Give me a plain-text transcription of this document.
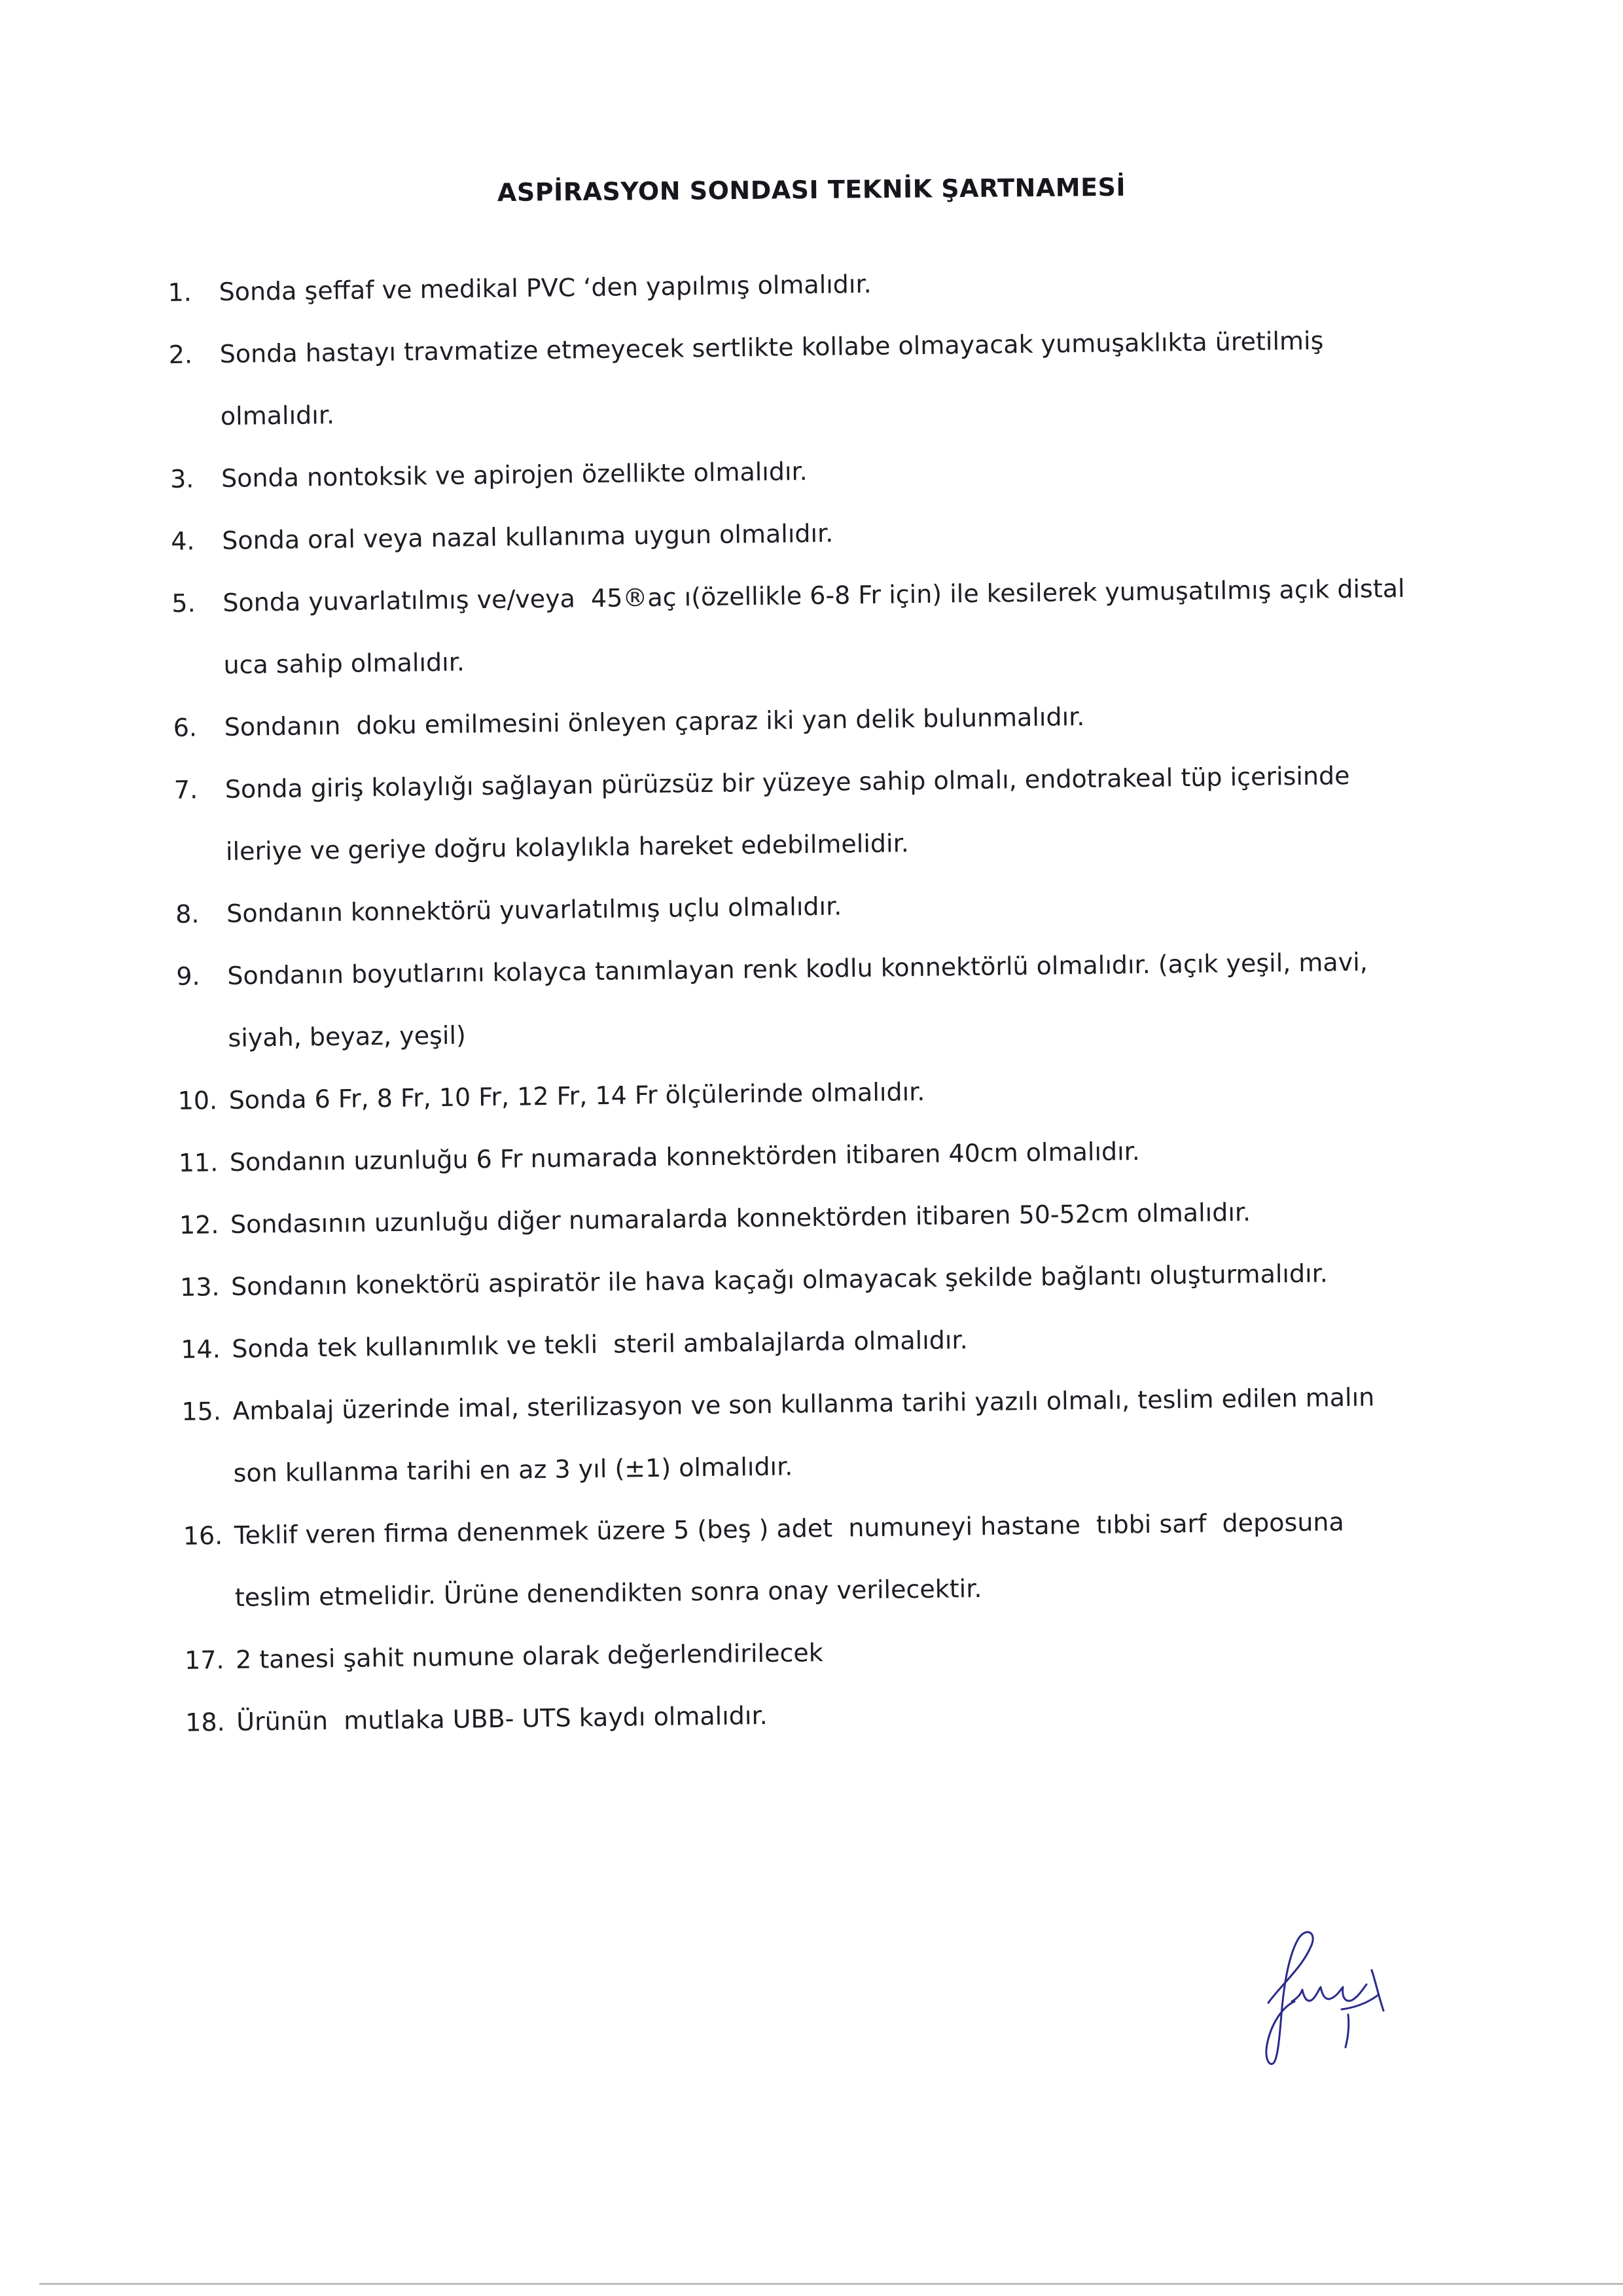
ASPİRASYON SONDASI TEKNİK ŞARTNAMESİ
1.	Sonda şeffaf ve medikal PVC ‘den yapılmış olmalıdır.
2.	Sonda hastayı travmatize etmeyecek sertlikte kollabe olmayacak yumuşaklıkta üretilmiş
olmalıdır.
3.	Sonda nontoksik ve apirojen özellikte olmalıdır.
4.	Sonda oral veya nazal kullanıma uygun olmalıdır.
5.	Sonda yuvarlatılmış ve/veya  45®aç ı(özellikle 6-8 Fr için) ile kesilerek yumuşatılmış açık distal
uca sahip olmalıdır.
6.	Sondanın  doku emilmesini önleyen çapraz iki yan delik bulunmalıdır.
7.	Sonda giriş kolaylığı sağlayan pürüzsüz bir yüzeye sahip olmalı, endotrakeal tüp içerisinde
ileriye ve geriye doğru kolaylıkla hareket edebilmelidir.
8.	Sondanın konnektörü yuvarlatılmış uçlu olmalıdır.
9.	Sondanın boyutlarını kolayca tanımlayan renk kodlu konnektörlü olmalıdır. (açık yeşil, mavi,
siyah, beyaz, yeşil)
10. Sonda 6 Fr, 8 Fr, 10 Fr, 12 Fr, 14 Fr ölçülerinde olmalıdır.
11. Sondanın uzunluğu 6 Fr numarada konnektörden itibaren 40cm olmalıdır.
12. Sondasının uzunluğu diğer numaralarda konnektörden itibaren 50-52cm olmalıdır.
13. Sondanın konektörü aspiratör ile hava kaçağı olmayacak şekilde bağlantı oluşturmalıdır.
14. Sonda tek kullanımlık ve tekli  steril ambalajlarda olmalıdır.
15. Ambalaj üzerinde imal, sterilizasyon ve son kullanma tarihi yazılı olmalı, teslim edilen malın
son kullanma tarihi en az 3 yıl (±1) olmalıdır.
16. Teklif veren firma denenmek üzere 5 (beş ) adet  numuneyi hastane  tıbbi sarf  deposuna
teslim etmelidir. Ürüne denendikten sonra onay verilecektir.
17. 2 tanesi şahit numune olarak değerlendirilecek
18. Ürünün  mutlaka UBB- UTS kaydı olmalıdır.
